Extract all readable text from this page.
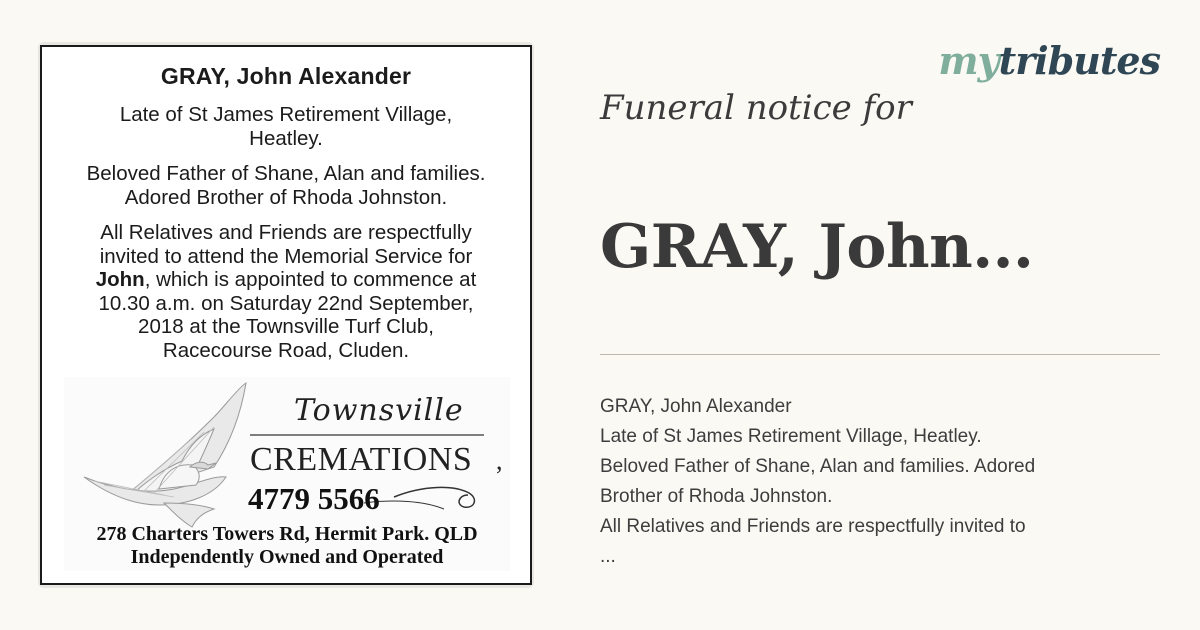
GRAY, John Alexander
Late of St James Retirement Village,
Heatley.
Beloved Father of Shane, Alan and families.
Adored Brother of Rhoda Johnston.
All Relatives and Friends are respectfully
invited to attend the Memorial Service for
John, which is appointed to commence at
10.30 a.m. on Saturday 22nd September,
2018 at the Townsville Turf Club,
Racecourse Road, Cluden.
,
Townsville
CREMATIONS
4779 5566
278 Charters Towers Rd, Hermit Park. QLD
Independently Owned and Operated
mytributes
Funeral notice for
GRAY, John...
GRAY, John Alexander
Late of St James Retirement Village, Heatley.
Beloved Father of Shane, Alan and families. Adored
Brother of Rhoda Johnston.
All Relatives and Friends are respectfully invited to
...
